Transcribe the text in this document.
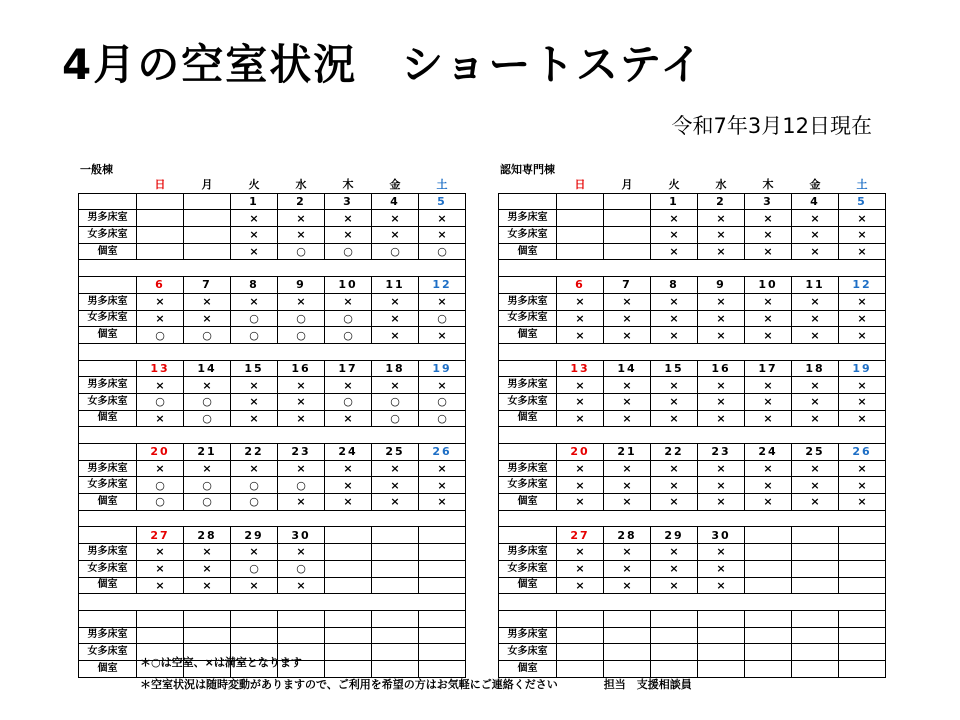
4月の空室状況　ショートステイ
令和7年3月12日現在
一般棟	認知専門棟
	日	月	火	水	木	金	土
			1	2	3	4	5
男多床室			×	×	×	×	×
女多床室			×	×	×	×	×
個室			×	○	○	○	○

	6	7	8	9	10	11	12
男多床室	×	×	×	×	×	×	×
女多床室	×	×	○	○	○	×	○
個室	○	○	○	○	○	×	×

	13	14	15	16	17	18	19
男多床室	×	×	×	×	×	×	×
女多床室	○	○	×	×	○	○	○
個室	×	○	×	×	×	○	○

	20	21	22	23	24	25	26
男多床室	×	×	×	×	×	×	×
女多床室	○	○	○	○	×	×	×
個室	○	○	○	×	×	×	×

	27	28	29	30			
男多床室	×	×	×	×			
女多床室	×	×	○	○			
個室	×	×	×	×			

男多床室							
女多床室							
個室							
	日	月	火	水	木	金	土
			1	2	3	4	5
男多床室			×	×	×	×	×
女多床室			×	×	×	×	×
個室			×	×	×	×	×

	6	7	8	9	10	11	12
男多床室	×	×	×	×	×	×	×
女多床室	×	×	×	×	×	×	×
個室	×	×	×	×	×	×	×

	13	14	15	16	17	18	19
男多床室	×	×	×	×	×	×	×
女多床室	×	×	×	×	×	×	×
個室	×	×	×	×	×	×	×

	20	21	22	23	24	25	26
男多床室	×	×	×	×	×	×	×
女多床室	×	×	×	×	×	×	×
個室	×	×	×	×	×	×	×

	27	28	29	30			
男多床室	×	×	×	×			
女多床室	×	×	×	×			
個室	×	×	×	×			

男多床室							
女多床室							
個室							
＊○は空室、×は満室となります
＊空室状況は随時変動がありますので、ご利用を希望の方はお気軽にご連絡ください	担当　支援相談員
